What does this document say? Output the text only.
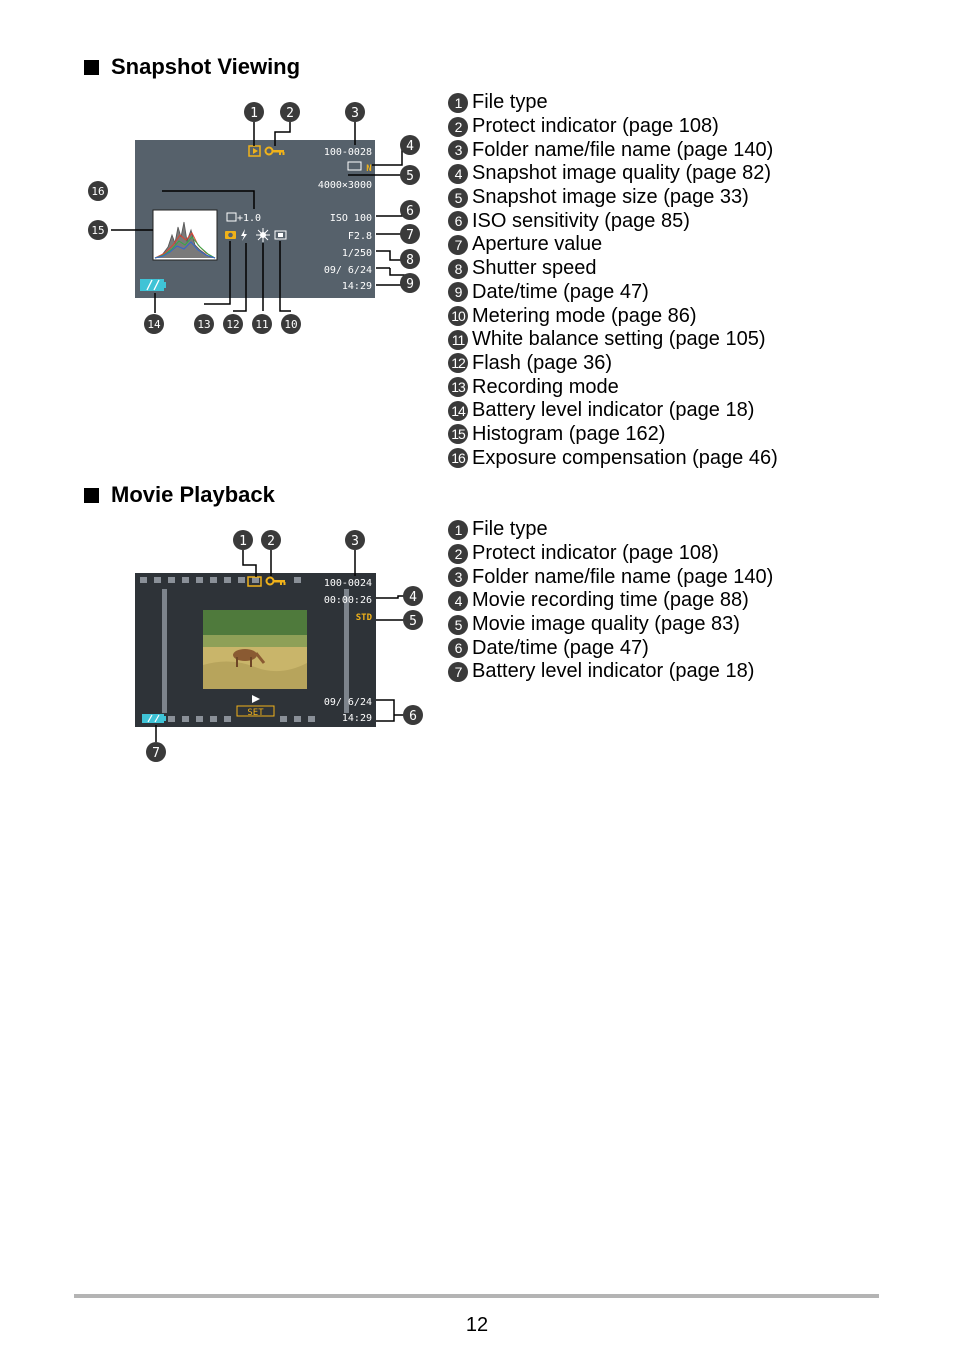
Snapshot Viewing
100-0028
N
4000×3000
+1.0	ISO 100
F2.8
1/250
09/ 6/24
14:29
1 2	3
4
5
6
7
8
9
16
15
14	13 12 11 10
1 File type
2 Protect indicator (page 108)
3 Folder name/file name (page 140)
4 Snapshot image quality (page 82)
5 Snapshot image size (page 33)
6 ISO sensitivity (page 85)
7 Aperture value
8 Shutter speed
9 Date/time (page 47)
10 Metering mode (page 86)
11 White balance setting (page 105)
12 Flash (page 36)
13 Recording mode
14 Battery level indicator (page 18)
15 Histogram (page 162)
16 Exposure compensation (page 46)
Movie Playback
100-0024
00:00:26
STD
SET
09/ 6/24
14:29
1 2	3
4
5
6
7
1 File type
2 Protect indicator (page 108)
3 Folder name/file name (page 140)
4 Movie recording time (page 88)
5 Movie image quality (page 83)
6 Date/time (page 47)
7 Battery level indicator (page 18)
12
